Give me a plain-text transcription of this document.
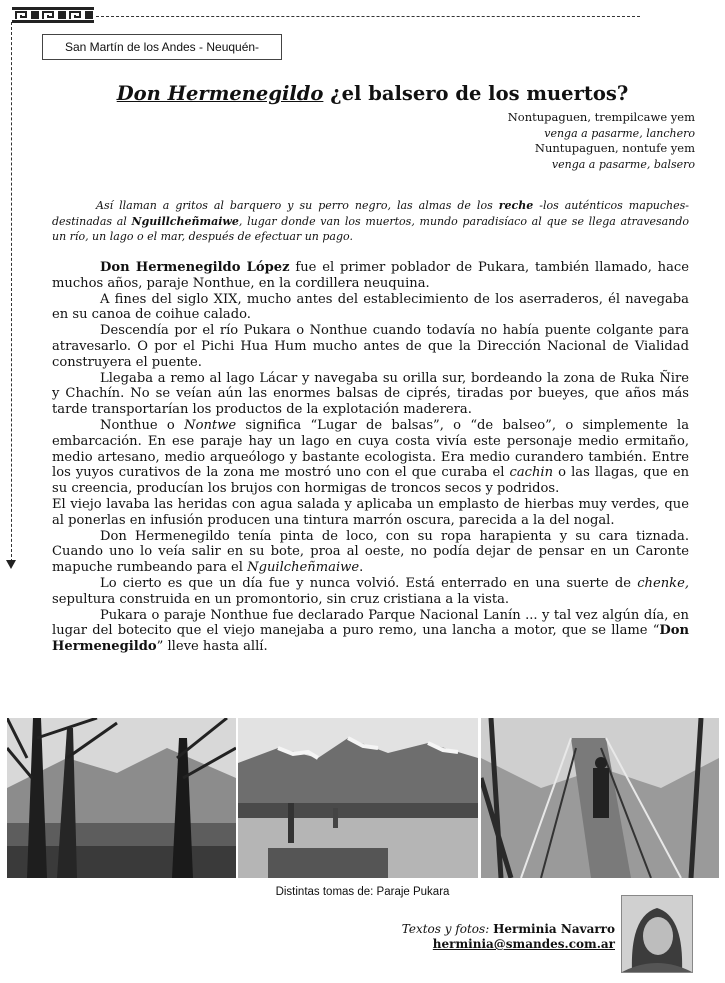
San Martín de los Andes - Neuquén-
Don Hermenegildo ¿el balsero de los muertos?
Nontupaguen, trempilcawe yem
venga a pasarme, lanchero
Nuntupaguen, nontufe yem
venga a pasarme, balsero

Así llaman a gritos al barquero y su perro negro, las almas de los reche -los auténticos mapuches- destinadas al Nguillcheñmaiwe, lugar donde van los muertos, mundo paradisíaco al que se llega atravesando un río, un lago o el mar, después de efectuar un pago.

Don Hermenegildo López fue el primer poblador de Pukara, también llamado, hace muchos años, paraje Nonthue, en la cordillera neuquina.

A fines del siglo XIX, mucho antes del establecimiento de los aserraderos, él navegaba en su canoa de coihue calado.

Descendía por el río Pukara o Nonthue cuando todavía no había puente colgante para atravesarlo. O por el Pichi Hua Hum mucho antes de que la Dirección Nacional de Vialidad construyera el puente.

Llegaba a remo al lago Lácar y navegaba su orilla sur, bordeando la zona de Ruka Ñire y Chachín. No se veían aún las enormes balsas de ciprés, tiradas por bueyes, que años más tarde transportarían los productos de la explotación maderera.

Nonthue o Nontwe significa “Lugar de balsas”, o “de balseo”, o simplemente la embarcación. En ese paraje hay un lago en cuya costa vivía este personaje medio ermitaño, medio artesano, medio arqueólogo y bastante ecologista. Era medio curandero también. Entre los yuyos curativos de la zona me mostró uno con el que curaba el cachin o las llagas, que en su creencia, producían los brujos con hormigas de troncos secos y podridos.

El viejo lavaba las heridas con agua salada y aplicaba un emplasto de hierbas muy verdes, que al ponerlas en infusión producen una tintura marrón oscura, parecida a la del nogal.

Don Hermenegildo tenía pinta de loco, con su ropa harapienta y su cara tiznada. Cuando uno lo veía salir en su bote, proa al oeste, no podía dejar de pensar en un Caronte mapuche rumbeando para el Nguilcheñmaiwe.

Lo cierto es que un día fue y nunca volvió. Está enterrado en una suerte de chenke, sepultura construida en un promontorio, sin cruz cristiana a la vista.

Pukara o paraje Nonthue fue declarado Parque Nacional Lanín ... y tal vez algún día, en lugar del botecito que el viejo manejaba a puro remo, una lancha a motor, que se llame “Don Hermenegildo” lleve hasta allí.

Distintas tomas de: Paraje Pukara
Textos y fotos: Herminia Navarro
herminia@smandes.com.ar
